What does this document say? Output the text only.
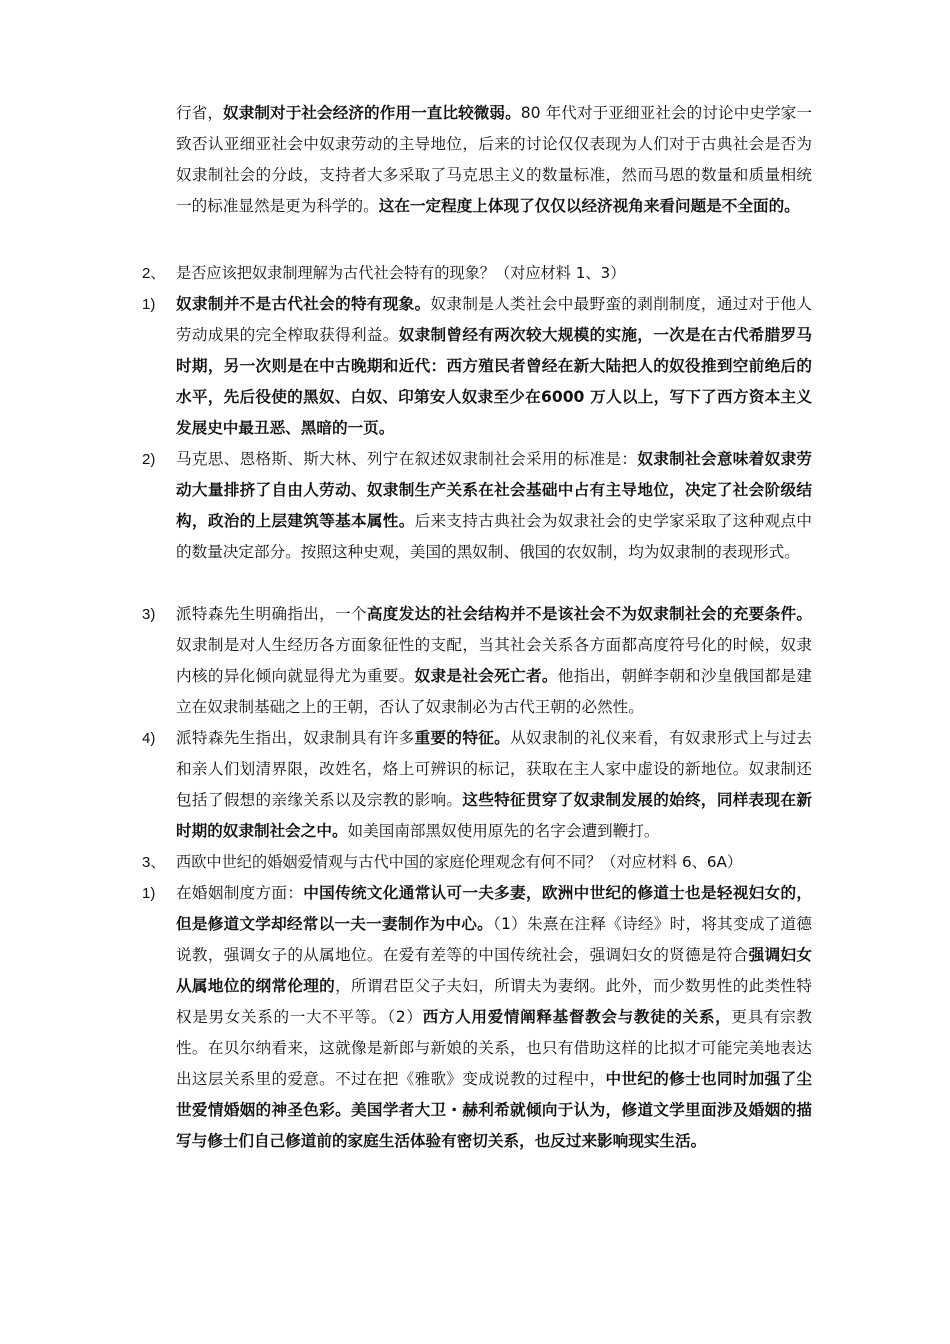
行省，奴隶制对于社会经济的作用一直比较微弱。80 年代对于亚细亚社会的讨论中史学家一致否认亚细亚社会中奴隶劳动的主导地位，后来的讨论仅仅表现为人们对于古典社会是否为奴隶制社会的分歧，支持者大多采取了马克思主义的数量标准，然而马恩的数量和质量相统一的标准显然是更为科学的。这在一定程度上体现了仅仅以经济视角来看问题是不全面的。
2、 是否应该把奴隶制理解为古代社会特有的现象？（对应材料 1、3）
1)	奴隶制并不是古代社会的特有现象。奴隶制是人类社会中最野蛮的剥削制度，通过对于他人劳动成果的完全榨取获得利益。奴隶制曾经有两次较大规模的实施，一次是在古代希腊罗马时期，另一次则是在中古晚期和近代：西方殖民者曾经在新大陆把人的奴役推到空前绝后的水平，先后役使的黑奴、白奴、印第安人奴隶至少在6000 万人以上，写下了西方资本主义发展史中最丑恶、黑暗的一页。
2)	马克思、恩格斯、斯大林、列宁在叙述奴隶制社会采用的标准是：奴隶制社会意味着奴隶劳动大量排挤了自由人劳动、奴隶制生产关系在社会基础中占有主导地位，决定了社会阶级结构，政治的上层建筑等基本属性。后来支持古典社会为奴隶社会的史学家采取了这种观点中的数量决定部分。按照这种史观，美国的黑奴制、俄国的农奴制，均为奴隶制的表现形式。
3)	派特森先生明确指出，一个高度发达的社会结构并不是该社会不为奴隶制社会的充要条件。奴隶制是对人生经历各方面象征性的支配，当其社会关系各方面都高度符号化的时候，奴隶内核的异化倾向就显得尤为重要。奴隶是社会死亡者。他指出，朝鲜李朝和沙皇俄国都是建立在奴隶制基础之上的王朝，否认了奴隶制必为古代王朝的必然性。
4)	派特森先生指出，奴隶制具有许多重要的特征。从奴隶制的礼仪来看，有奴隶形式上与过去和亲人们划清界限，改姓名，烙上可辨识的标记，获取在主人家中虚设的新地位。奴隶制还包括了假想的亲缘关系以及宗教的影响。这些特征贯穿了奴隶制发展的始终，同样表现在新时期的奴隶制社会之中。如美国南部黑奴使用原先的名字会遭到鞭打。
3、 西欧中世纪的婚姻爱情观与古代中国的家庭伦理观念有何不同？（对应材料 6、6A）
1)	在婚姻制度方面：中国传统文化通常认可一夫多妻，欧洲中世纪的修道士也是轻视妇女的，但是修道文学却经常以一夫一妻制作为中心。（1）朱熹在注释《诗经》时，将其变成了道德说教，强调女子的从属地位。在爱有差等的中国传统社会，强调妇女的贤德是符合强调妇女从属地位的纲常伦理的，所谓君臣父子夫妇，所谓夫为妻纲。此外，而少数男性的此类性特权是男女关系的一大不平等。（2）西方人用爱情阐释基督教会与教徒的关系，更具有宗教性。在贝尔纳看来，这就像是新郎与新娘的关系，也只有借助这样的比拟才可能完美地表达出这层关系里的爱意。不过在把《雅歌》变成说教的过程中，中世纪的修士也同时加强了尘世爱情婚姻的神圣色彩。美国学者大卫・赫利希就倾向于认为，修道文学里面涉及婚姻的描写与修士们自己修道前的家庭生活体验有密切关系，也反过来影响现实生活。
